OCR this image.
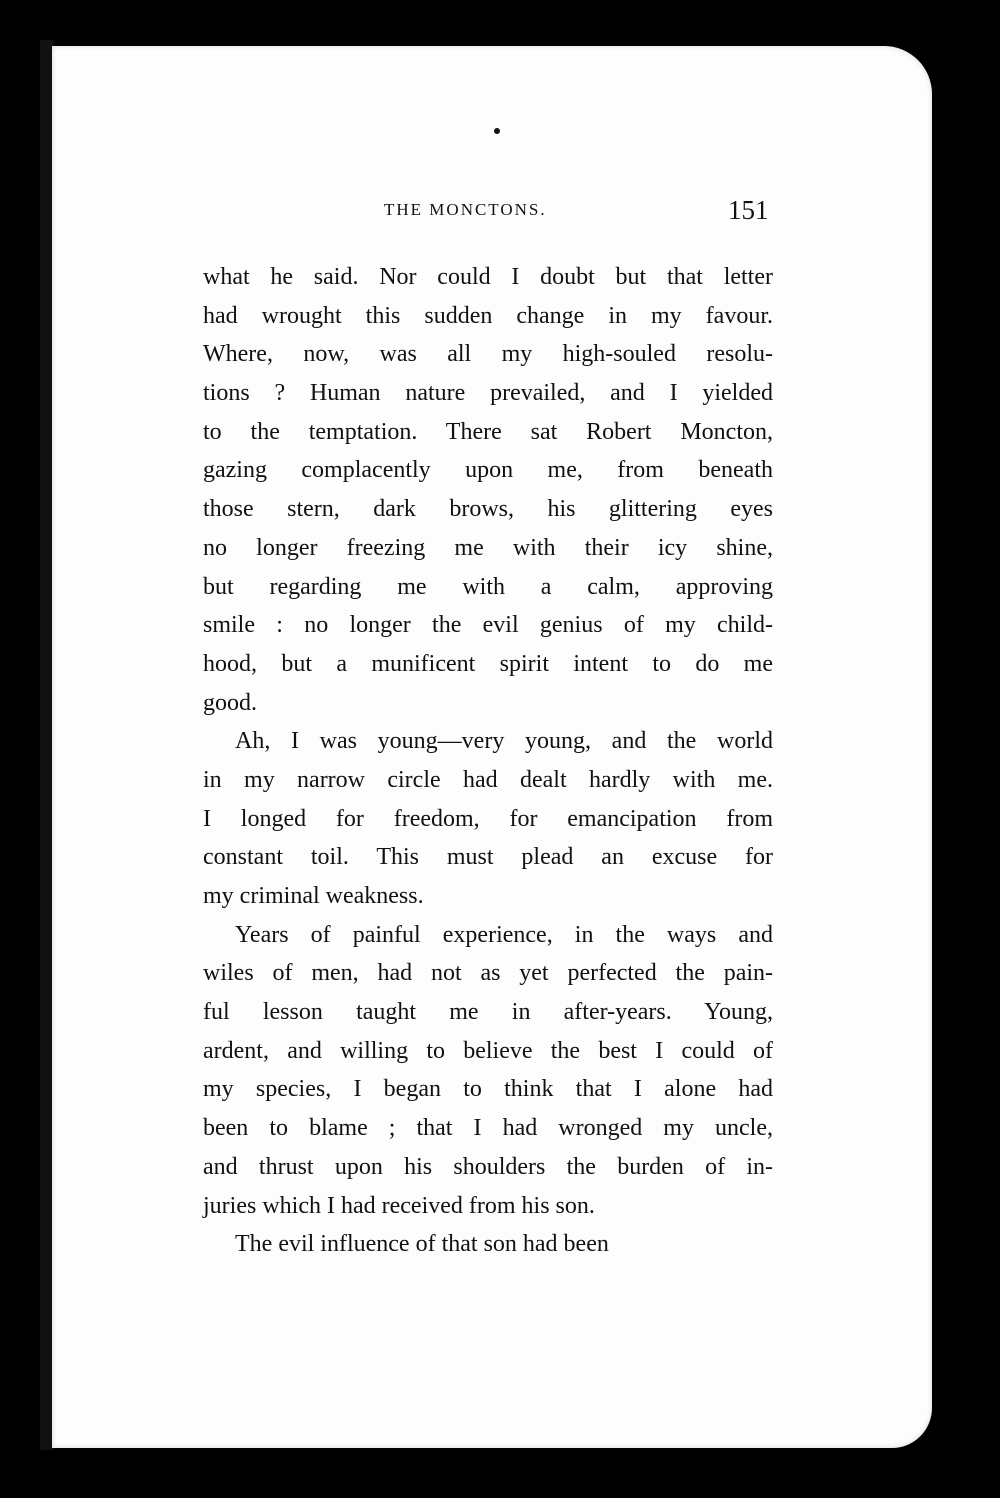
THE MONCTONS.	151
what he said. Nor could I doubt but that letter
had wrought this sudden change in my favour.
Where, now, was all my high-souled resolu-
tions ? Human nature prevailed, and I yielded
to the temptation. There sat Robert Moncton,
gazing complacently upon me, from beneath
those stern, dark brows, his glittering eyes
no longer freezing me with their icy shine,
but regarding me with a calm, approving
smile : no longer the evil genius of my child-
hood, but a munificent spirit intent to do me
good.
Ah, I was young—very young, and the world
in my narrow circle had dealt hardly with me.
I longed for freedom, for emancipation from
constant toil. This must plead an excuse for
my criminal weakness.
Years of painful experience, in the ways and
wiles of men, had not as yet perfected the pain-
ful lesson taught me in after-years. Young,
ardent, and willing to believe the best I could of
my species, I began to think that I alone had
been to blame ; that I had wronged my uncle,
and thrust upon his shoulders the burden of in-
juries which I had received from his son.
The evil influence of that son had been
